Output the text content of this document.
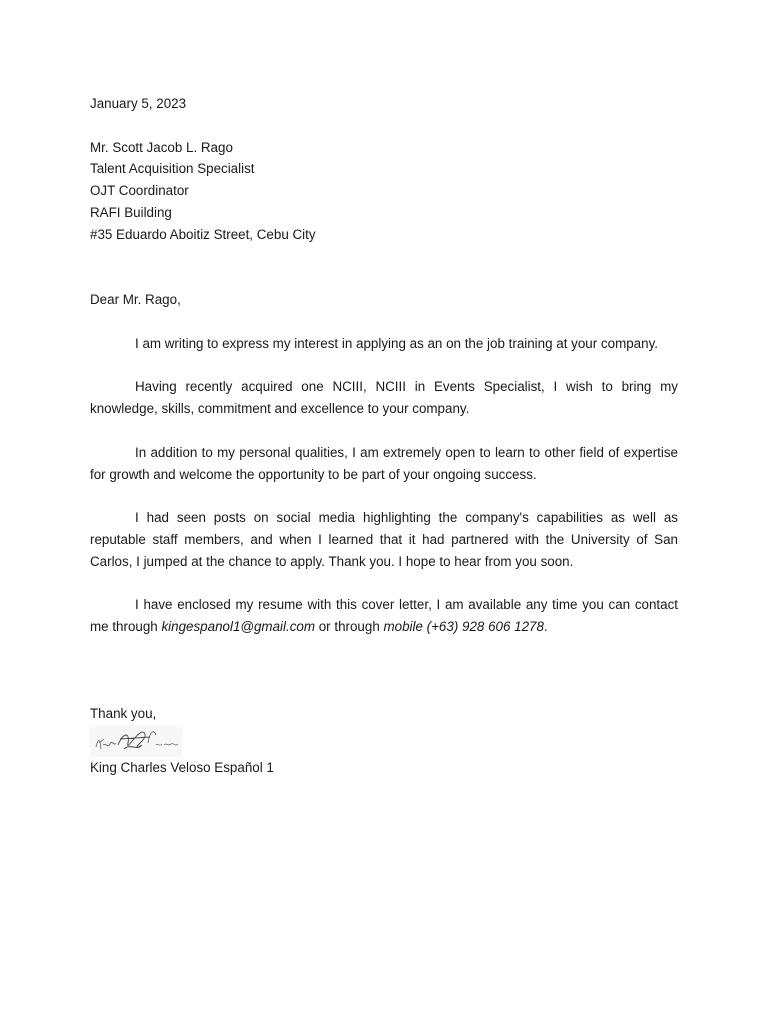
January 5, 2023
Mr. Scott Jacob L. Rago
Talent Acquisition Specialist
OJT Coordinator
RAFI Building
#35 Eduardo Aboitiz Street, Cebu City
Dear Mr. Rago,

I am writing to express my interest in applying as an on the job training at your company.

Having recently acquired one NCIII, NCIII in Events Specialist, I wish to bring my knowledge, skills, commitment and excellence to your company.

In addition to my personal qualities, I am extremely open to learn to other field of expertise for growth and welcome the opportunity to be part of your ongoing success.

I had seen posts on social media highlighting the company's capabilities as well as reputable staff members, and when I learned that it had partnered with the University of San Carlos, I jumped at the chance to apply. Thank you. I hope to hear from you soon.

I have enclosed my resume with this cover letter, I am available any time you can contact me through kingespanol1@gmail.com or through mobile (+63) 928 606 1278.

Thank you,
King Charles Veloso Español 1
